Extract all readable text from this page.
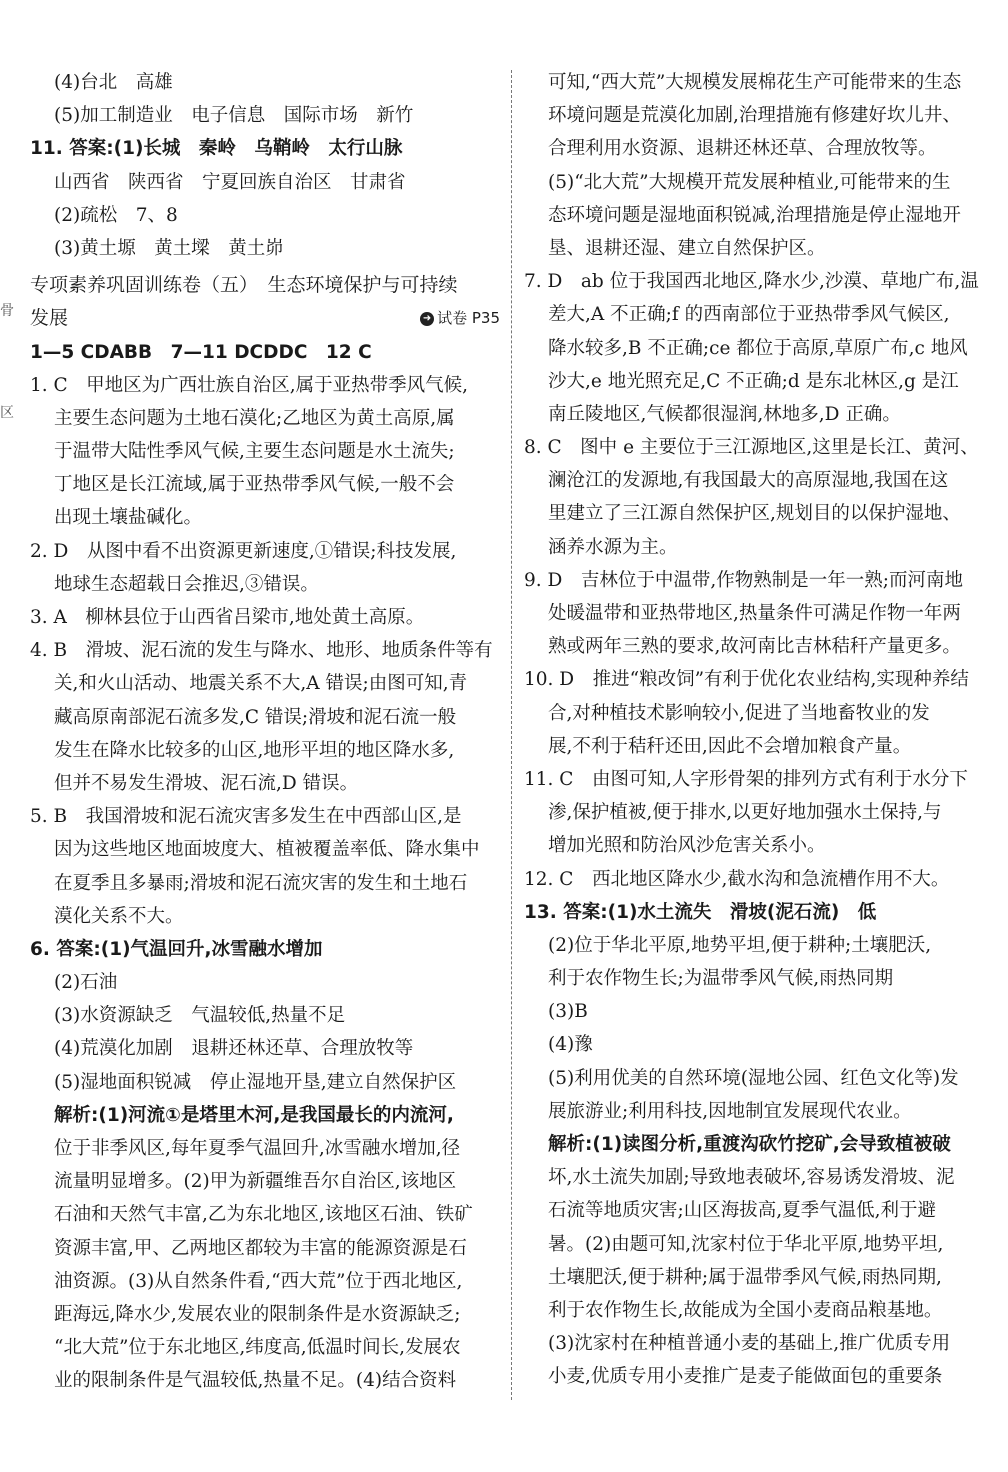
骨
区
(4)台北　高雄
(5)加工制造业　电子信息　国际市场　新竹
11. 答案:(1)长城　秦岭　乌鞘岭　太行山脉
山西省　陕西省　宁夏回族自治区　甘肃省
(2)疏松　7、8
(3)黄土塬　黄土墚　黄土峁
专项素养巩固训练卷（五）　生态环境保护与可持续
发展	➜ 试卷 P35
1—5 CDABB　7—11 DCDDC　12 C
1. C　甲地区为广西壮族自治区,属于亚热带季风气候,
主要生态问题为土地石漠化;乙地区为黄土高原,属
于温带大陆性季风气候,主要生态问题是水土流失;
丁地区是长江流域,属于亚热带季风气候,一般不会
出现土壤盐碱化。
2. D　从图中看不出资源更新速度,①错误;科技发展,
地球生态超载日会推迟,③错误。
3. A　柳林县位于山西省吕梁市,地处黄土高原。
4. B　滑坡、泥石流的发生与降水、地形、地质条件等有
关,和火山活动、地震关系不大,A 错误;由图可知,青
藏高原南部泥石流多发,C 错误;滑坡和泥石流一般
发生在降水比较多的山区,地形平坦的地区降水多,
但并不易发生滑坡、泥石流,D 错误。
5. B　我国滑坡和泥石流灾害多发生在中西部山区,是
因为这些地区地面坡度大、植被覆盖率低、降水集中
在夏季且多暴雨;滑坡和泥石流灾害的发生和土地石
漠化关系不大。
6. 答案:(1)气温回升,冰雪融水增加
(2)石油
(3)水资源缺乏　气温较低,热量不足
(4)荒漠化加剧　退耕还林还草、合理放牧等
(5)湿地面积锐减　停止湿地开垦,建立自然保护区
解析:(1)河流①是塔里木河,是我国最长的内流河,
位于非季风区,每年夏季气温回升,冰雪融水增加,径
流量明显增多。(2)甲为新疆维吾尔自治区,该地区
石油和天然气丰富,乙为东北地区,该地区石油、铁矿
资源丰富,甲、乙两地区都较为丰富的能源资源是石
油资源。(3)从自然条件看,“西大荒”位于西北地区,
距海远,降水少,发展农业的限制条件是水资源缺乏;
“北大荒”位于东北地区,纬度高,低温时间长,发展农
业的限制条件是气温较低,热量不足。(4)结合资料
可知,“西大荒”大规模发展棉花生产可能带来的生态
环境问题是荒漠化加剧,治理措施有修建好坎儿井、
合理利用水资源、退耕还林还草、合理放牧等。
(5)“北大荒”大规模开荒发展种植业,可能带来的生
态环境问题是湿地面积锐减,治理措施是停止湿地开
垦、退耕还湿、建立自然保护区。
7. D　ab 位于我国西北地区,降水少,沙漠、草地广布,温
差大,A 不正确;f 的西南部位于亚热带季风气候区,
降水较多,B 不正确;ce 都位于高原,草原广布,c 地风
沙大,e 地光照充足,C 不正确;d 是东北林区,g 是江
南丘陵地区,气候都很湿润,林地多,D 正确。
8. C　图中 e 主要位于三江源地区,这里是长江、黄河、
澜沧江的发源地,有我国最大的高原湿地,我国在这
里建立了三江源自然保护区,规划目的以保护湿地、
涵养水源为主。
9. D　吉林位于中温带,作物熟制是一年一熟;而河南地
处暖温带和亚热带地区,热量条件可满足作物一年两
熟或两年三熟的要求,故河南比吉林秸秆产量更多。
10. D　推进“粮改饲”有利于优化农业结构,实现种养结
合,对种植技术影响较小,促进了当地畜牧业的发
展,不利于秸秆还田,因此不会增加粮食产量。
11. C　由图可知,人字形骨架的排列方式有利于水分下
渗,保护植被,便于排水,以更好地加强水土保持,与
增加光照和防治风沙危害关系小。
12. C　西北地区降水少,截水沟和急流槽作用不大。
13. 答案:(1)水土流失　滑坡(泥石流)　低
(2)位于华北平原,地势平坦,便于耕种;土壤肥沃,
利于农作物生长;为温带季风气候,雨热同期
(3)B
(4)豫
(5)利用优美的自然环境(湿地公园、红色文化等)发
展旅游业;利用科技,因地制宜发展现代农业。
解析:(1)读图分析,重渡沟砍竹挖矿,会导致植被破
坏,水土流失加剧;导致地表破坏,容易诱发滑坡、泥
石流等地质灾害;山区海拔高,夏季气温低,利于避
暑。(2)由题可知,沈家村位于华北平原,地势平坦,
土壤肥沃,便于耕种;属于温带季风气候,雨热同期,
利于农作物生长,故能成为全国小麦商品粮基地。
(3)沈家村在种植普通小麦的基础上,推广优质专用
小麦,优质专用小麦推广是麦子能做面包的重要条
